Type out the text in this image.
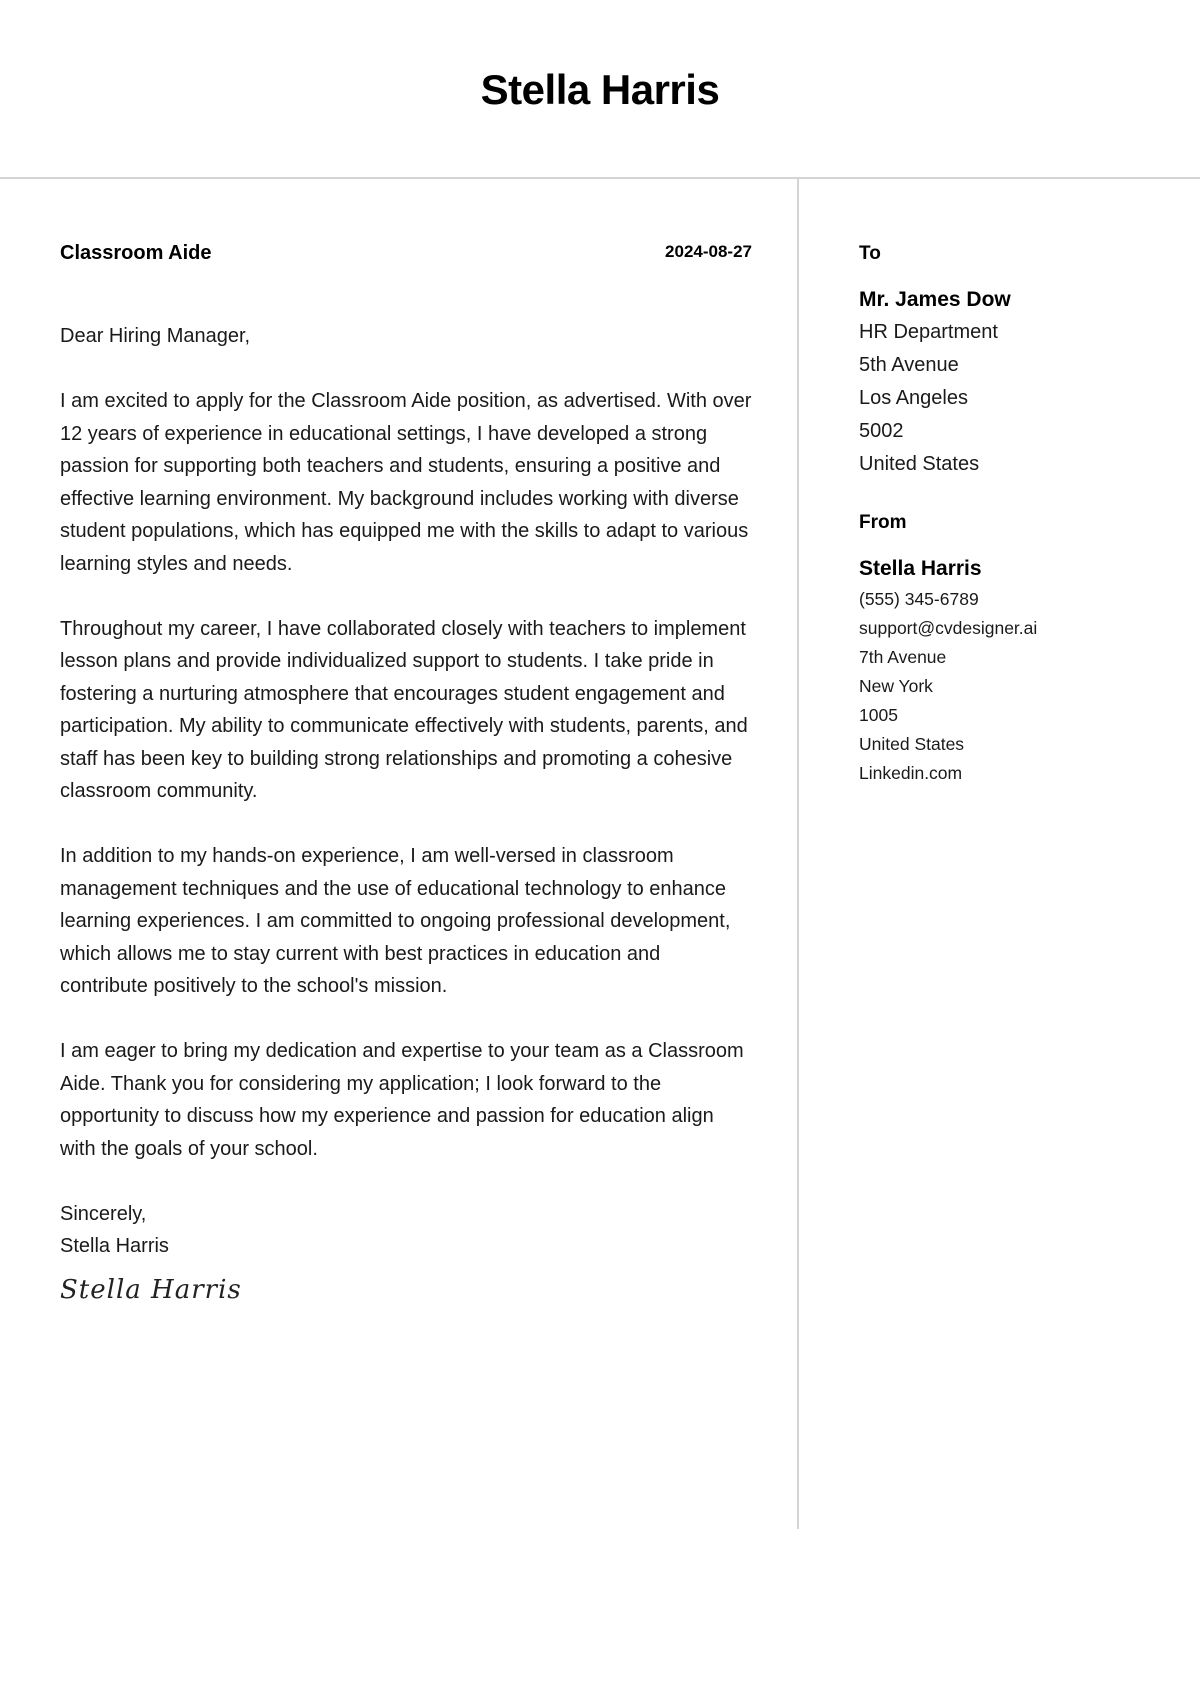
Stella Harris
Classroom Aide	2024-08-27
Dear Hiring Manager,
I am excited to apply for the Classroom Aide position, as advertised. With over 12 years of experience in educational settings, I have developed a strong passion for supporting both teachers and students, ensuring a positive and effective learning environment. My background includes working with diverse student populations, which has equipped me with the skills to adapt to various learning styles and needs.
Throughout my career, I have collaborated closely with teachers to implement lesson plans and provide individualized support to students. I take pride in fostering a nurturing atmosphere that encourages student engagement and participation. My ability to communicate effectively with students, parents, and staff has been key to building strong relationships and promoting a cohesive classroom community.
In addition to my hands-on experience, I am well-versed in classroom management techniques and the use of educational technology to enhance learning experiences. I am committed to ongoing professional development, which allows me to stay current with best practices in education and contribute positively to the school's mission.
I am eager to bring my dedication and expertise to your team as a Classroom Aide. Thank you for considering my application; I look forward to the opportunity to discuss how my experience and passion for education align with the goals of your school.
Sincerely,
Stella Harris
Stella Harris
To
Mr. James Dow
HR Department
5th Avenue
Los Angeles
5002
United States
From
Stella Harris
(555) 345-6789
support@cvdesigner.ai
7th Avenue
New York
1005
United States
Linkedin.com
